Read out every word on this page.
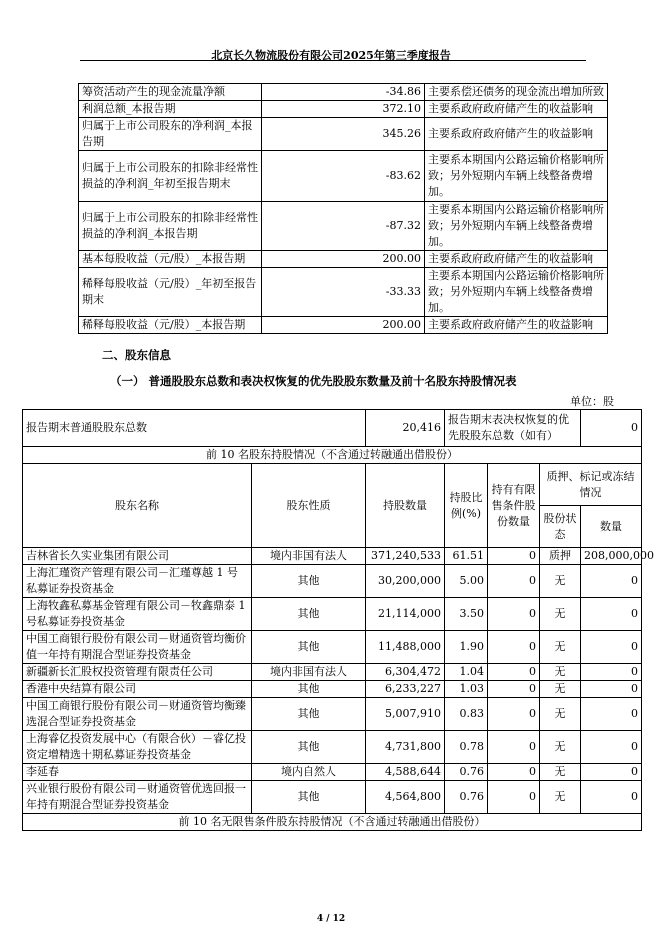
北京长久物流股份有限公司2025年第三季度报告
筹资活动产生的现金流量净额	-34.86	主要系偿还债务的现金流出增加所致
利润总额_本报告期	372.10	主要系政府政府储产生的收益影响
归属于上市公司股东的净利润_本报告期	345.26	主要系政府政府储产生的收益影响
归属于上市公司股东的扣除非经常性损益的净利润_年初至报告期末	-83.62	主要系本期国内公路运输价格影响所致；另外短期内车辆上线整备费增加。
归属于上市公司股东的扣除非经常性损益的净利润_本报告期	-87.32	主要系本期国内公路运输价格影响所致；另外短期内车辆上线整备费增加。
基本每股收益（元/股）_本报告期	200.00	主要系政府政府储产生的收益影响
稀释每股收益（元/股）_年初至报告期末	-33.33	主要系本期国内公路运输价格影响所致；另外短期内车辆上线整备费增加。
稀释每股收益（元/股）_本报告期	200.00	主要系政府政府储产生的收益影响
二、股东信息
（一） 普通股股东总数和表决权恢复的优先股股东数量及前十名股东持股情况表
单位：股
报告期末普通股股东总数		20,416	报告期末表决权恢复的优先股股东总数（如有）			0
前 10 名股东持股情况（不含通过转融通出借股份）						
股东名称	股东性质	持股数量	持股比例(%)	持有有限售条件股份数量	质押、标记或冻结情况	
					股份状态	数量
吉林省长久实业集团有限公司	境内非国有法人	371,240,533	61.51	0	质押	208,000,000
上海汇瑾资产管理有限公司－汇瑾尊越 1 号私募证券投资基金	其他	30,200,000	5.00	0	无	0
上海牧鑫私募基金管理有限公司－牧鑫鼎泰 1 号私募证券投资基金	其他	21,114,000	3.50	0	无	0
中国工商银行股份有限公司－财通资管均衡价值一年持有期混合型证券投资基金	其他	11,488,000	1.90	0	无	0
新疆新长汇股权投资管理有限责任公司	境内非国有法人	6,304,472	1.04	0	无	0
香港中央结算有限公司	其他	6,233,227	1.03	0	无	0
中国工商银行股份有限公司－财通资管均衡臻选混合型证券投资基金	其他	5,007,910	0.83	0	无	0
上海睿亿投资发展中心（有限合伙）－睿亿投资定增精选十期私募证券投资基金	其他	4,731,800	0.78	0	无	0
李延春	境内自然人	4,588,644	0.76	0	无	0
兴业银行股份有限公司－财通资管优选回报一年持有期混合型证券投资基金	其他	4,564,800	0.76	0	无	0
前 10 名无限售条件股东持股情况（不含通过转融通出借股份）						
4 / 12
